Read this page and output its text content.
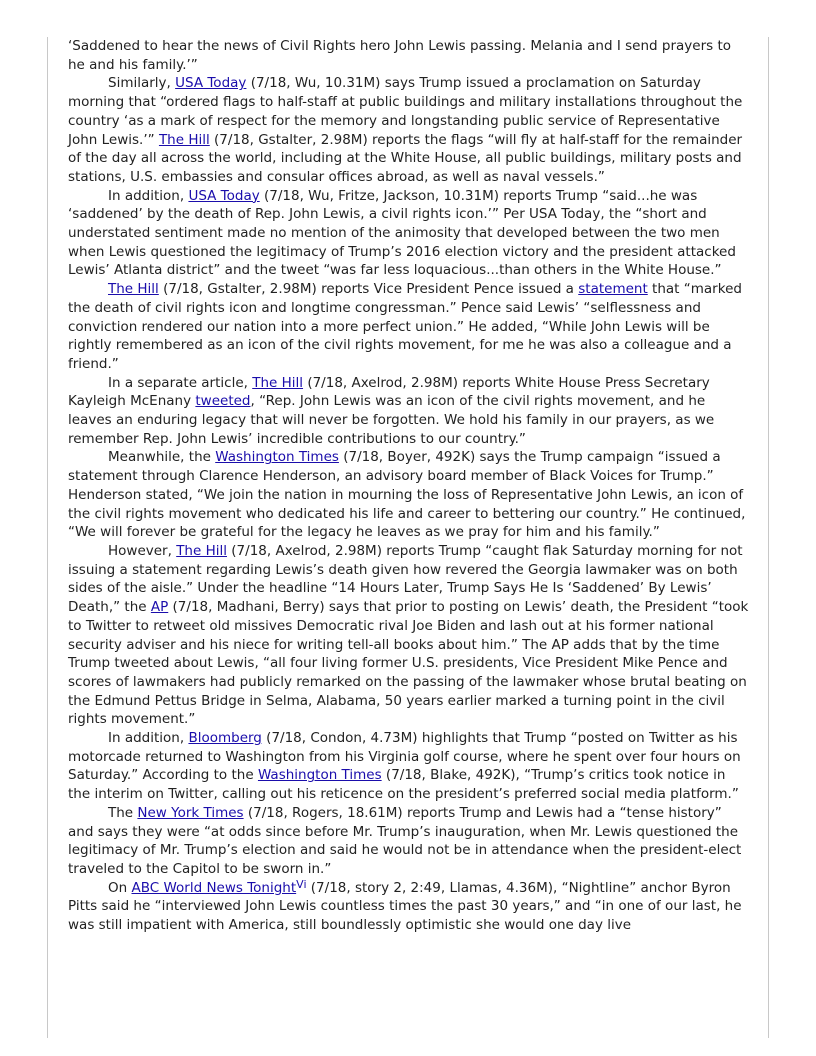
‘Saddened to hear the news of Civil Rights hero John Lewis passing. Melania and I send prayers to he and his family.’”

Similarly, USA Today (7/18, Wu, 10.31M) says Trump issued a proclamation on Saturday morning that “ordered flags to half-staff at public buildings and military installations throughout the country ‘as a mark of respect for the memory and longstanding public service of Representative John Lewis.’” The Hill (7/18, Gstalter, 2.98M) reports the flags “will fly at half-staff for the remainder of the day all across the world, including at the White House, all public buildings, military posts and stations, U.S. embassies and consular offices abroad, as well as naval vessels.”

In addition, USA Today (7/18, Wu, Fritze, Jackson, 10.31M) reports Trump “said...he was ‘saddened’ by the death of Rep. John Lewis, a civil rights icon.’” Per USA Today, the “short and understated sentiment made no mention of the animosity that developed between the two men when Lewis questioned the legitimacy of Trump’s 2016 election victory and the president attacked Lewis’ Atlanta district” and the tweet “was far less loquacious...than others in the White House.”

The Hill (7/18, Gstalter, 2.98M) reports Vice President Pence issued a statement that “marked the death of civil rights icon and longtime congressman.” Pence said Lewis’ “selflessness and conviction rendered our nation into a more perfect union.” He added, “While John Lewis will be rightly remembered as an icon of the civil rights movement, for me he was also a colleague and a friend.”

In a separate article, The Hill (7/18, Axelrod, 2.98M) reports White House Press Secretary Kayleigh McEnany tweeted, “Rep. John Lewis was an icon of the civil rights movement, and he leaves an enduring legacy that will never be forgotten. We hold his family in our prayers, as we remember Rep. John Lewis’ incredible contributions to our country.”

Meanwhile, the Washington Times (7/18, Boyer, 492K) says the Trump campaign “issued a statement through Clarence Henderson, an advisory board member of Black Voices for Trump.” Henderson stated, “We join the nation in mourning the loss of Representative John Lewis, an icon of the civil rights movement who dedicated his life and career to bettering our country.” He continued, “We will forever be grateful for the legacy he leaves as we pray for him and his family.”

However, The Hill (7/18, Axelrod, 2.98M) reports Trump “caught flak Saturday morning for not issuing a statement regarding Lewis’s death given how revered the Georgia lawmaker was on both sides of the aisle.” Under the headline “14 Hours Later, Trump Says He Is ‘Saddened’ By Lewis’ Death,” the AP (7/18, Madhani, Berry) says that prior to posting on Lewis’ death, the President “took to Twitter to retweet old missives Democratic rival Joe Biden and lash out at his former national security adviser and his niece for writing tell-all books about him.” The AP adds that by the time Trump tweeted about Lewis, “all four living former U.S. presidents, Vice President Mike Pence and scores of lawmakers had publicly remarked on the passing of the lawmaker whose brutal beating on the Edmund Pettus Bridge in Selma, Alabama, 50 years earlier marked a turning point in the civil rights movement.”

In addition, Bloomberg (7/18, Condon, 4.73M) highlights that Trump “posted on Twitter as his motorcade returned to Washington from his Virginia golf course, where he spent over four hours on Saturday.” According to the Washington Times (7/18, Blake, 492K), “Trump’s critics took notice in the interim on Twitter, calling out his reticence on the president’s preferred social media platform.”

The New York Times (7/18, Rogers, 18.61M) reports Trump and Lewis had a “tense history” and says they were “at odds since before Mr. Trump’s inauguration, when Mr. Lewis questioned the legitimacy of Mr. Trump’s election and said he would not be in attendance when the president-elect traveled to the Capitol to be sworn in.”

On ABC World News Tonight$^{Vi}$ (7/18, story 2, 2:49, Llamas, 4.36M), “Nightline” anchor Byron Pitts said he “interviewed John Lewis countless times the past 30 years,” and “in one of our last, he was still impatient with America, still boundlessly optimistic she would one day live
